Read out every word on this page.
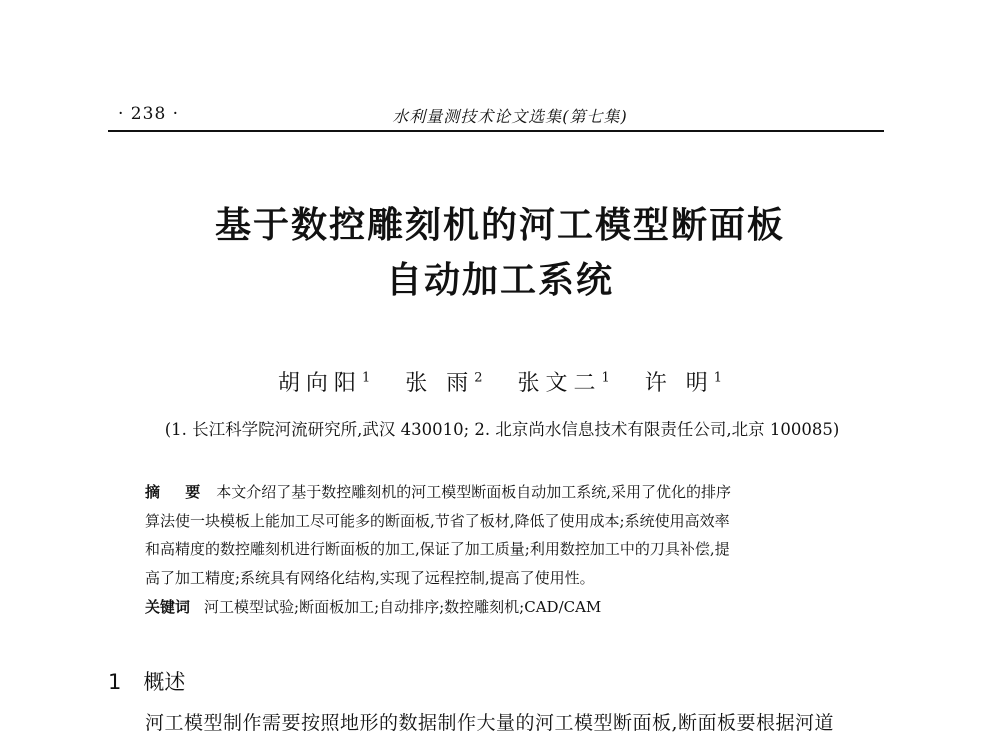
· 238 ·	水利量测技术论文选集(第七集)
基于数控雕刻机的河工模型断面板
自动加工系统
胡向阳$^1$ 张 雨$^2$ 张文二$^1$ 许 明$^1$
(1. 长江科学院河流研究所,武汉 430010; 2. 北京尚水信息技术有限责任公司,北京 100085)
摘 要 本文介绍了基于数控雕刻机的河工模型断面板自动加工系统,采用了优化的排序
算法使一块模板上能加工尽可能多的断面板,节省了板材,降低了使用成本;系统使用高效率
和高精度的数控雕刻机进行断面板的加工,保证了加工质量;利用数控加工中的刀具补偿,提
高了加工精度;系统具有网络化结构,实现了远程控制,提高了使用性。
关键词 河工模型试验;断面板加工;自动排序;数控雕刻机;CAD/CAM
1 概述
河工模型制作需要按照地形的数据制作大量的河工模型断面板,断面板要根据河道
